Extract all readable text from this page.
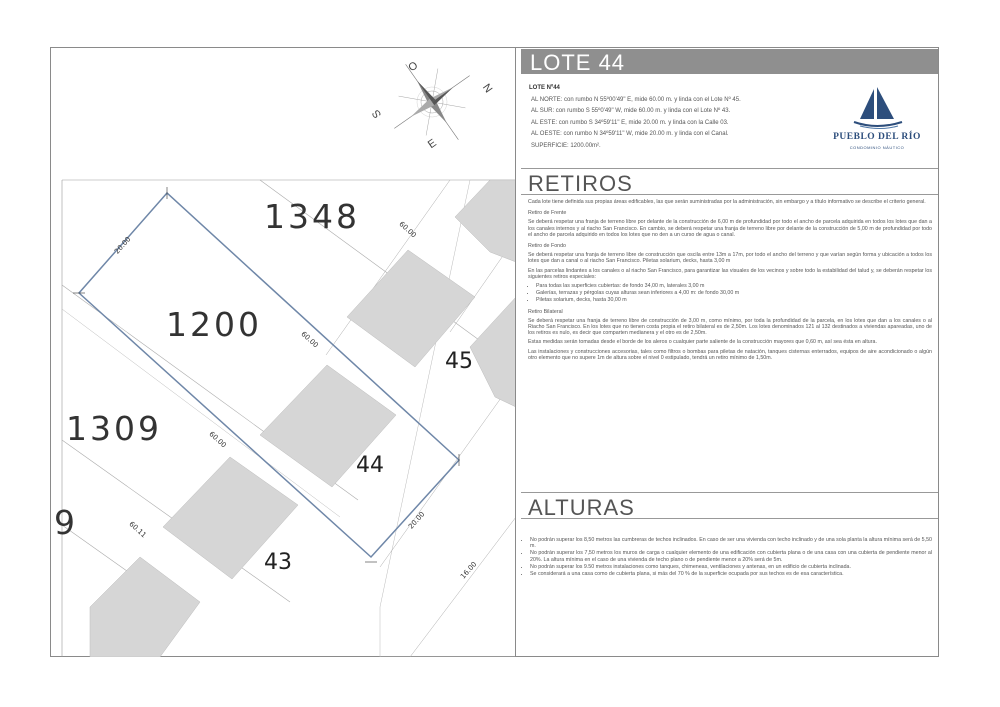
O
N
S
E
1348
1200
1309
45
44
43
9
20.00
20.00
60.00
60.00
60.00
60.11
16.00
LOTE 44
LOTE Nº44
AL NORTE: con rumbo N 55º00'49" E, mide 60.00 m. y linda con el Lote Nº 45.
AL SUR: con rumbo S 55º0'49" W, mide 60.00 m. y linda con el Lote Nº 43.
AL ESTE: con rumbo S 34º59'11" E, mide 20.00 m. y linda con la Calle 03.
AL OESTE: con rumbo N 34º59'11" W, mide 20.00 m. y linda con el Canal.
SUPERFICIE: 1200.00m².
PUEBLO DEL RÍO
CONDOMINIO NÁUTICO
RETIROS

Cada lote tiene definida sus propias áreas edificables, las que serán suministradas por la administración, sin embargo y a título informativo se describe el criterio general.

Retiro de Frente

Se deberá respetar una franja de terreno libre por delante de la construcción de 6,00 m de profundidad por todo el ancho de parcela adquirida en todos los lotes que dan a los canales internos y al riacho San Francisco. En cambio, se deberá respetar una franja de terreno libre por delante de la construcción de 5,00 m de profundidad por todo el ancho de parcela adquirido en todos los lotes que no den a un curso de agua o canal.

Retiro de Fondo

Se deberá respetar una franja de terreno libre de construcción que oscila entre 13m a 17m, por todo el ancho del terreno y que varían según forma y ubicación a todos los lotes que dan a canal o al riacho San Francisco. Piletas solarium, decks, hasta 3,00 m

En las parcelas lindantes a los canales o al riacho San Francisco, para garantizar las visuales de los vecinos y sobre todo la estabilidad del talud y, se deberán respetar los siguientes retiros especiales:

• Para todas las superficies cubiertas: de fondo 34,00 m, laterales 3,00 m
• Galerías, terrazas y pérgolas cuyas alturas sean inferiores a 4,00 m: de fondo 30,00 m
• Piletas solarium, decks, hasta 30,00 m

Retiro Bilateral

Se deberá respetar una franja de terreno libre de construcción de 3,00 m, como mínimo, por toda la profundidad de la parcela, en los lotes que dan a los canales o al Riacho San Francisco. En los lotes que no tienen costa propia el retiro bilateral es de 2,50m. Los lotes denominados 121 al 132 destinados a viviendas apareadas, uno de los retiros es nulo, es decir que comparten medianera y el otro es de 2,50m.

Estas medidas serán tomadas desde el borde de los aleros o cualquier parte saliente de la construcción mayores que 0,60 m, así sea ésta en altura.

Las instalaciones y construcciones accesorias, tales como filtros o bombas para piletas de natación, tanques cisternas enterrados, equipos de aire acondicionado o algún otro elemento que no supere 1m de altura sobre el nivel 0 estipulado, tendrá un retiro mínimo de 1,50m.

ALTURAS
• No podrán superar los 8,50 metros las cumbreras de techos inclinados. En caso de ser una vivienda con techo inclinado y de una sola planta la altura mínima será de 5,50 m.
• No podrán superar los 7,50 metros los muros de carga o cualquier elemento de una edificación con cubierta plana o de una casa con una cubierta de pendiente menor al 20%. La altura mínima en el caso de una vivienda de techo plano o de pendiente menor a 20% será de 5m.
• No podrán superar los 9.50 metros instalaciones como tanques, chimeneas, ventilaciones y antenas, en un edificio de cubierta inclinada.
• Se considerará a una casa como de cubierta plana, si más del 70 % de la superficie ocupada por sus techos es de esa característica.
